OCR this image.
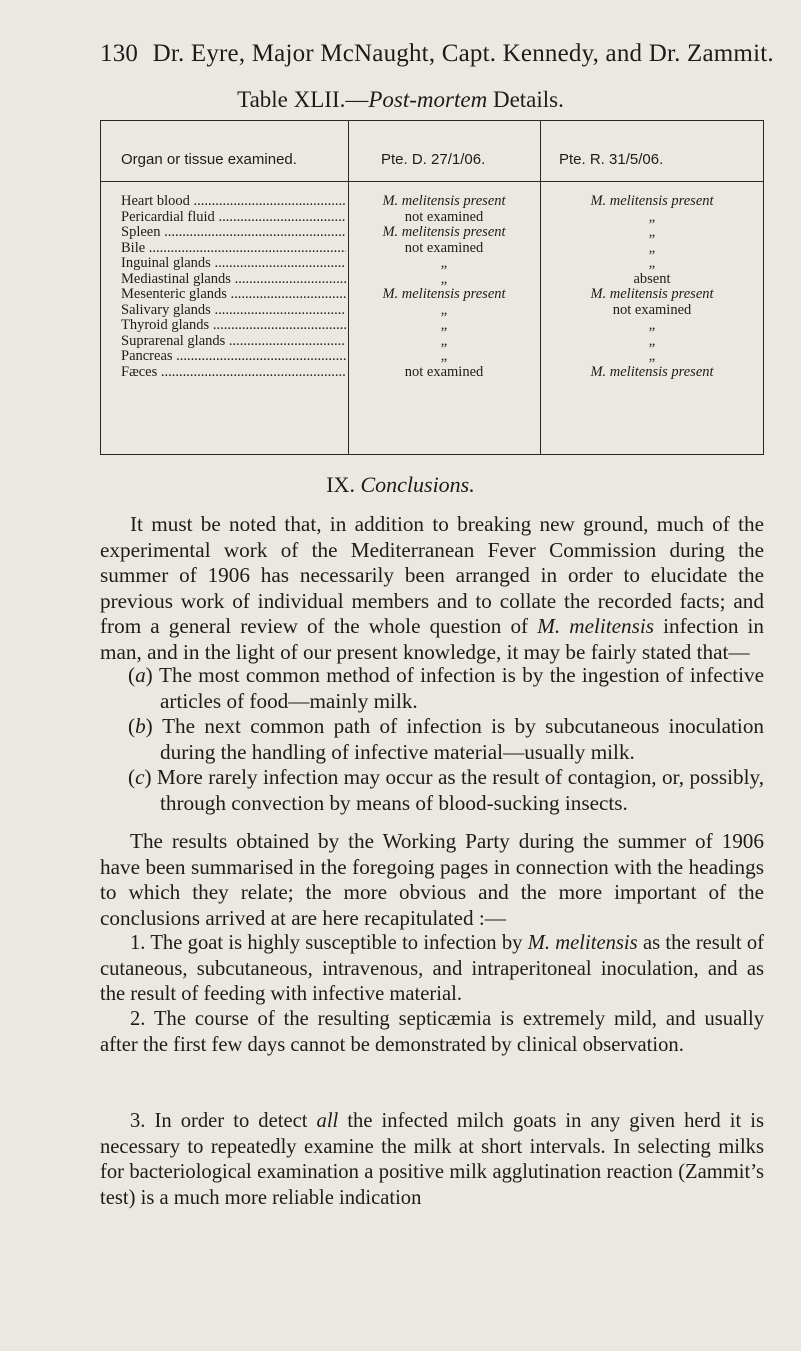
130 Dr. Eyre, Major McNaught, Capt. Kennedy, and Dr. Zammit.
Table XLII.—Post-mortem Details.
Organ or tissue examined.	Pte. D. 27/1/06.	Pte. R. 31/5/06.
Heart blood .....	M. melitensis present	M. melitensis present
Pericardial fluid .....	not examined	„
Spleen .....	M. melitensis present	„
Bile .....	not examined	„
Inguinal glands .....	„	„
Mediastinal glands .....	„	absent
Mesenteric glands .....	M. melitensis present	M. melitensis present
Salivary glands .....	„	not examined
Thyroid glands .....	„	„
Suprarenal glands .....	„	„
Pancreas .....	„	„
Fæces .....	not examined	M. melitensis present
IX. Conclusions.
It must be noted that, in addition to breaking new ground, much of the experimental work of the Mediterranean Fever Commission during the summer of 1906 has necessarily been arranged in order to elucidate the previous work of individual members and to collate the recorded facts; and from a general review of the whole question of M. melitensis infection in man, and in the light of our present knowledge, it may be fairly stated that—
(a) The most common method of infection is by the ingestion of infective articles of food—mainly milk.
(b) The next common path of infection is by subcutaneous inoculation during the handling of infective material—usually milk.
(c) More rarely infection may occur as the result of contagion, or, possibly, through convection by means of blood-sucking insects.
The results obtained by the Working Party during the summer of 1906 have been summarised in the foregoing pages in connection with the headings to which they relate; the more obvious and the more important of the conclusions arrived at are here recapitulated :—
1. The goat is highly susceptible to infection by M. melitensis as the result of cutaneous, subcutaneous, intravenous, and intraperitoneal inoculation, and as the result of feeding with infective material.
2. The course of the resulting septicæmia is extremely mild, and usually after the first few days cannot be demonstrated by clinical observation.
3. In order to detect all the infected milch goats in any given herd it is necessary to repeatedly examine the milk at short intervals. In selecting milks for bacteriological examination a positive milk agglutination reaction (Zammit’s test) is a much more reliable indication
